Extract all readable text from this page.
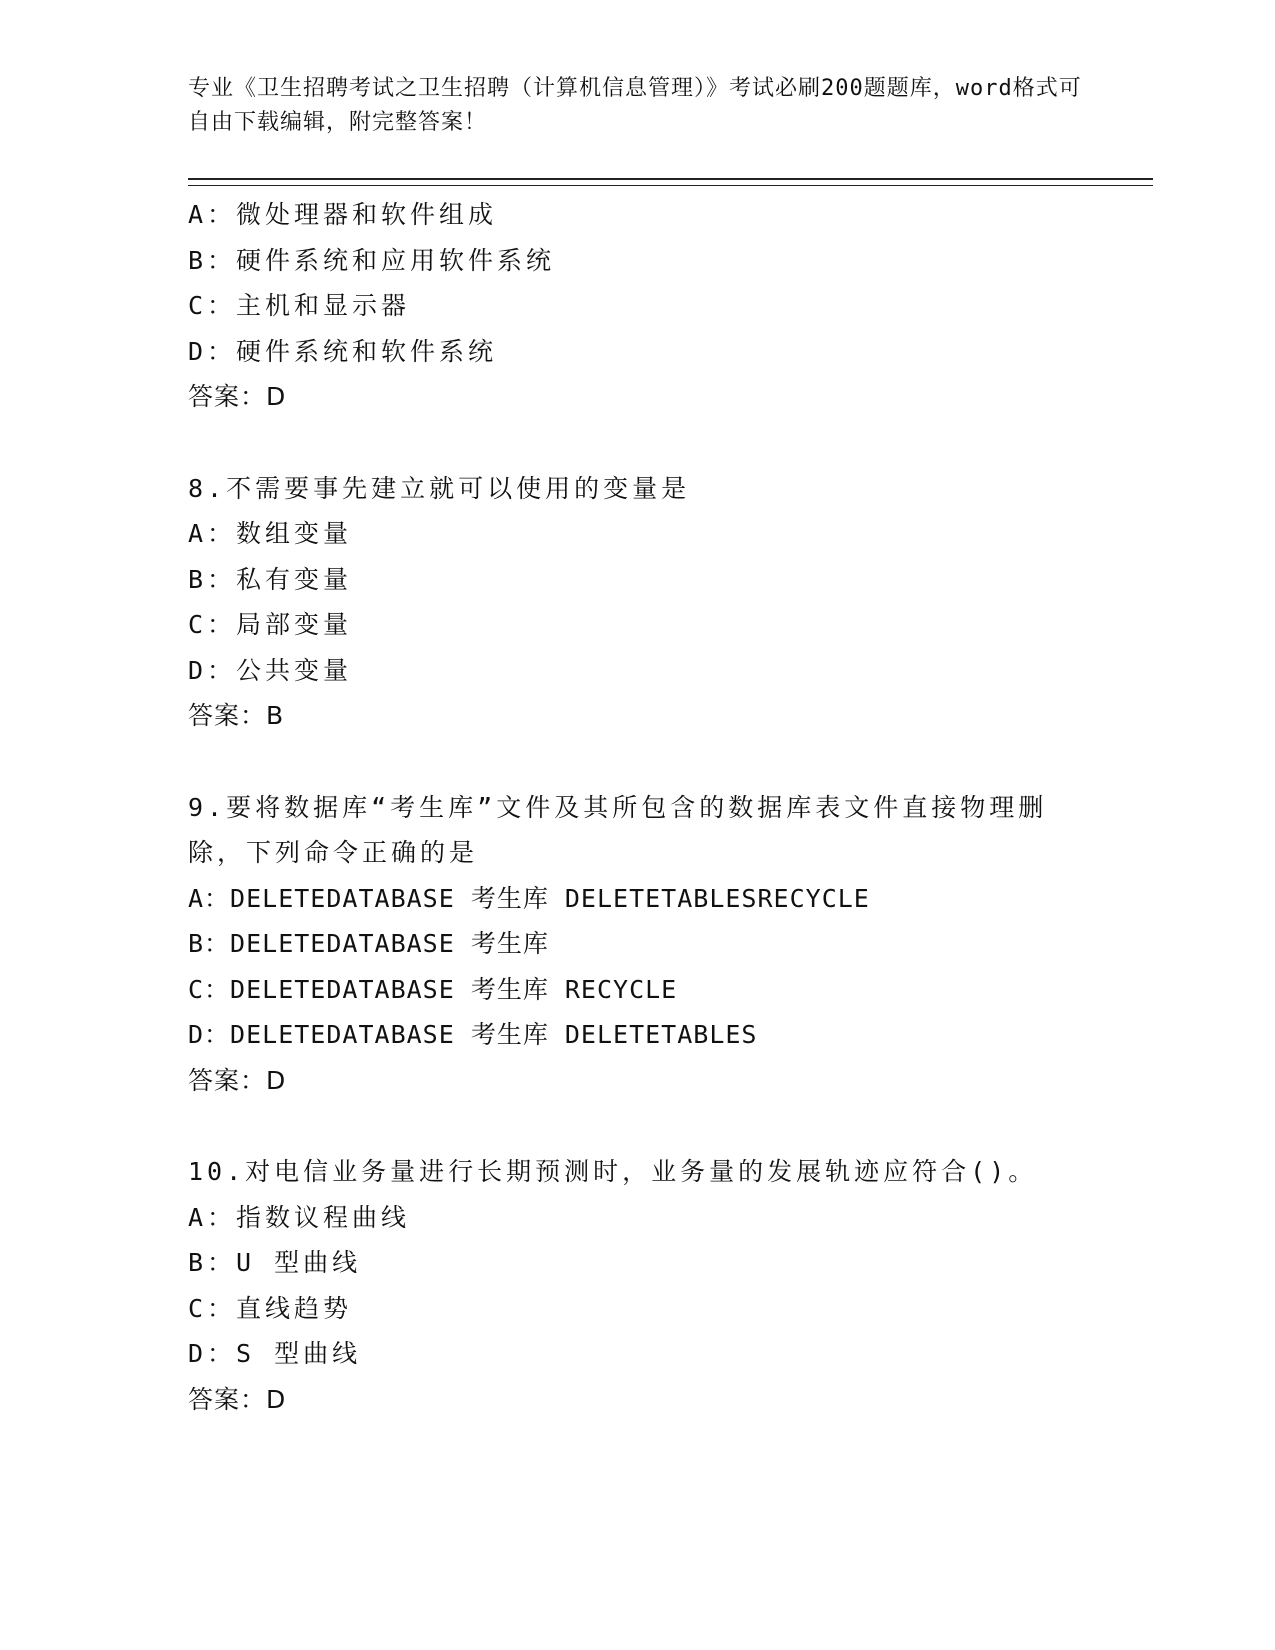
专业《卫生招聘考试之卫生招聘（计算机信息管理）》考试必刷200题题库，word格式可自由下载编辑，附完整答案！
A：微处理器和软件组成
B：硬件系统和应用软件系统
C：主机和显示器
D：硬件系统和软件系统
答案：D
8.不需要事先建立就可以使用的变量是
A：数组变量
B：私有变量
C：局部变量
D：公共变量
答案：B
9.要将数据库“考生库”文件及其所包含的数据库表文件直接物理删
除，下列命令正确的是
A：DELETEDATABASE 考生库 DELETETABLESRECYCLE
B：DELETEDATABASE 考生库
C：DELETEDATABASE 考生库 RECYCLE
D：DELETEDATABASE 考生库 DELETETABLES
答案：D
10.对电信业务量进行长期预测时，业务量的发展轨迹应符合()。
A：指数议程曲线
B：U 型曲线
C：直线趋势
D：S 型曲线
答案：D
